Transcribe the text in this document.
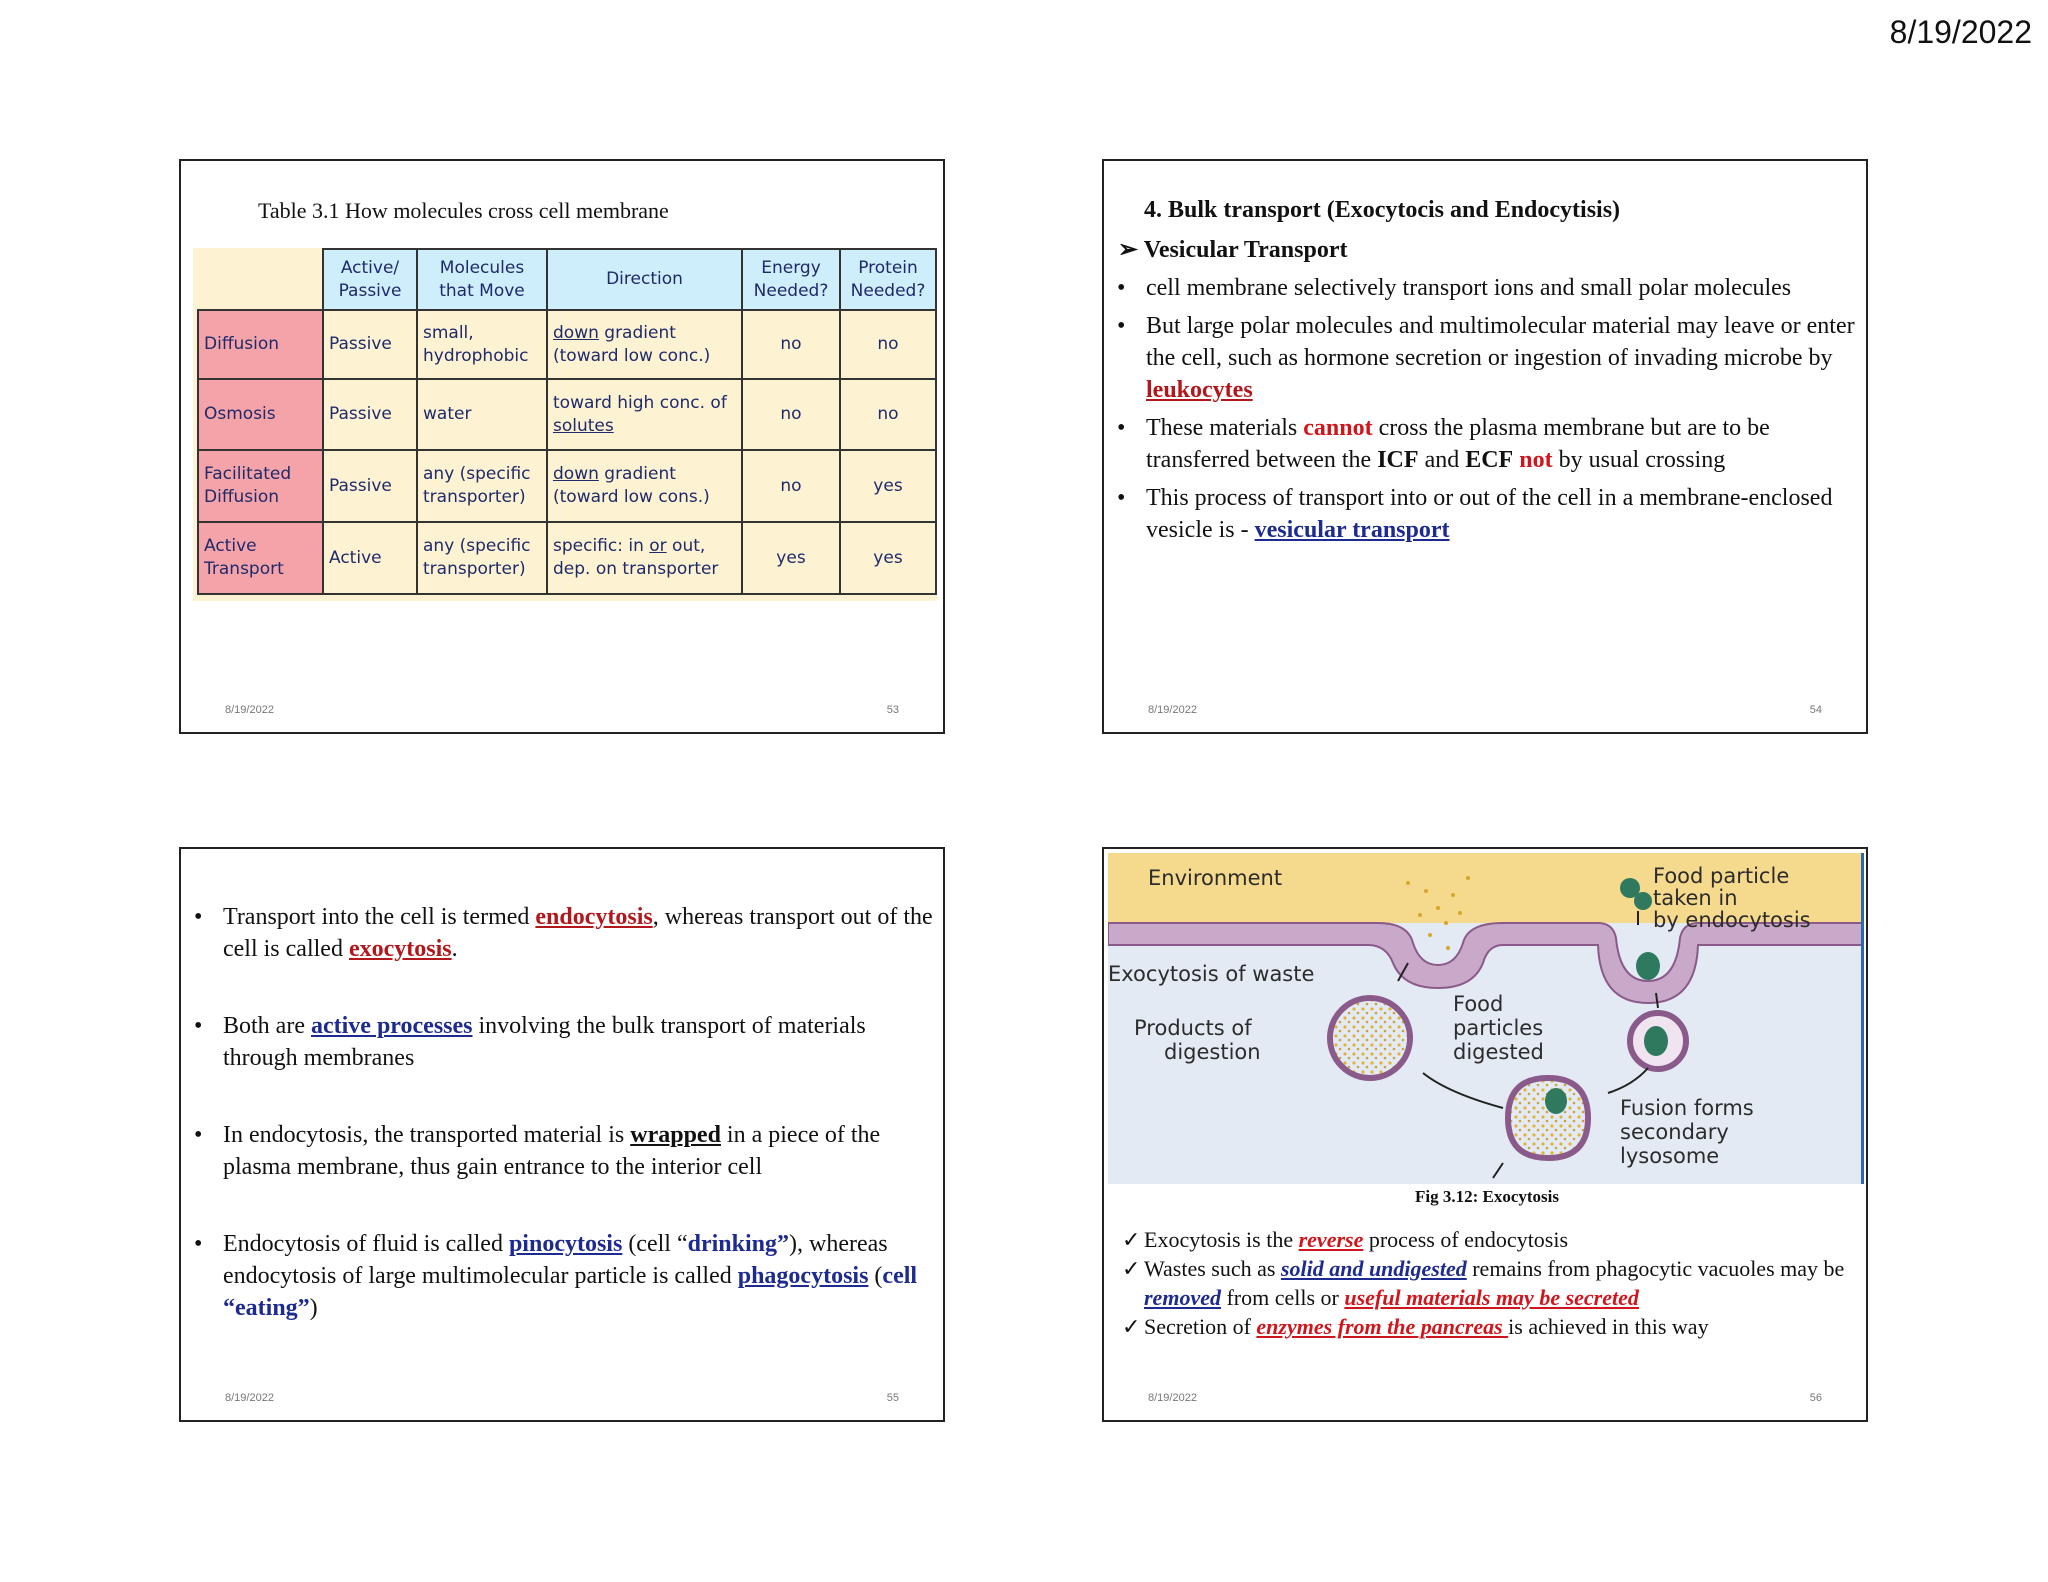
8/19/2022
Table 3.1 How molecules cross cell membrane
	Active/ Passive	Molecules that Move	Direction	Energy Needed?	Protein Needed?
Diffusion	Passive	small, hydrophobic	down gradient (toward low conc.)	no	no
Osmosis	Passive	water	toward high conc. of solutes	no	no
Facilitated Diffusion	Passive	any (specific transporter)	down gradient (toward low cons.)	no	yes
Active Transport	Active	any (specific transporter)	specific: in or out, dep. on transporter	yes	yes
8/19/2022	53
4. Bulk transport (Exocytocis and Endocytisis)
➢ Vesicular Transport
• cell membrane selectively transport ions and small polar molecules
• But large polar molecules and multimolecular material may leave or enter the cell, such as hormone secretion or ingestion of invading microbe by leukocytes
• These materials cannot cross the plasma membrane but are to be transferred between the ICF and ECF not by usual crossing
• This process of transport into or out of the cell in a membrane-enclosed vesicle is - vesicular transport
8/19/2022	54
• Transport into the cell is termed endocytosis, whereas transport out of the cell is called exocytosis.
• Both are active processes involving the bulk transport of materials through membranes
• In endocytosis, the transported material is wrapped in a piece of the plasma membrane, thus gain entrance to the interior cell
• Endocytosis of fluid is called pinocytosis (cell “drinking”), whereas endocytosis of large multimolecular particle is called phagocytosis (cell “eating”)
8/19/2022	55
Environment	Food particle
taken in
by endocytosis
Exocytosis of waste
Products of
digestion
Food
particles
digested
Fusion forms
secondary
lysosome
Fig 3.12: Exocytosis
✓ Exocytosis is the reverse process of endocytosis
✓ Wastes such as solid and undigested remains from phagocytic vacuoles may be removed from cells or useful materials may be secreted
✓ Secretion of enzymes from the pancreas is achieved in this way
8/19/2022	56
